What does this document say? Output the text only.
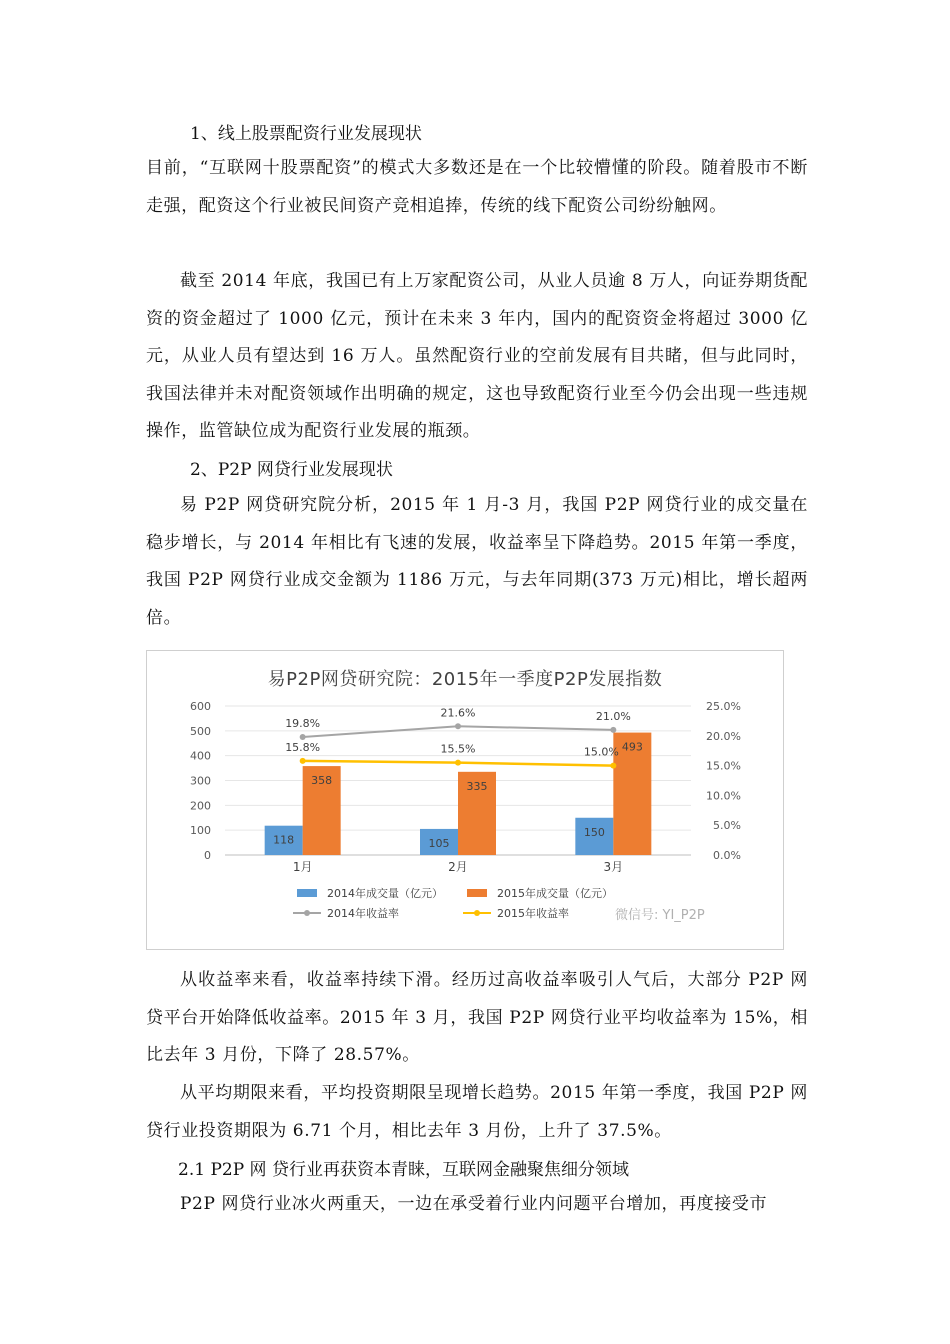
1、线上股票配资行业发展现状
目前，“互联网十股票配资”的模式大多数还是在一个比较懵懂的阶段。随着股市不断走强，配资这个行业被民间资产竞相追捧，传统的线下配资公司纷纷触网。
截至 2014 年底，我国已有上万家配资公司，从业人员逾 8 万人，向证券期货配资的资金超过了 1000 亿元，预计在未来 3 年内，国内的配资资金将超过 3000 亿元，从业人员有望达到 16 万人。虽然配资行业的空前发展有目共睹，但与此同时，我国法律并未对配资领域作出明确的规定，这也导致配资行业至今仍会出现一些违规操作，监管缺位成为配资行业发展的瓶颈。
2、P2P 网贷行业发展现状
易 P2P 网贷研究院分析，2015 年 1 月-3 月，我国 P2P 网贷行业的成交量在稳步增长，与 2014 年相比有飞速的发展，收益率呈下降趋势。2015 年第一季度，我国 P2P 网贷行业成交金额为 1186 万元，与去年同期(373 万元)相比，增长超两倍。
易P2P网贷研究院：2015年一季度P2P发展指数
0
100
200
300
400
500
600
0.0%
5.0%
10.0%
15.0%
20.0%
25.0%
1月	2月	3月
118	105
150
358	335
493
19.8%
21.6%	21.0%
15.8%	15.5%	15.0%
2014年成交量（亿元）	2015年成交量（亿元）
2014年收益率	2015年收益率	微信号: YI_P2P
从收益率来看，收益率持续下滑。经历过高收益率吸引人气后，大部分 P2P 网贷平台开始降低收益率。2015 年 3 月，我国 P2P 网贷行业平均收益率为 15%，相比去年 3 月份，下降了 28.57%。
从平均期限来看，平均投资期限呈现增长趋势。2015 年第一季度，我国 P2P 网贷行业投资期限为 6.71 个月，相比去年 3 月份，上升了 37.5%。
2.1 P2P 网 贷行业再获资本青睐，互联网金融聚焦细分领域
P2P 网贷行业冰火两重天，一边在承受着行业内问题平台增加，再度接受市
